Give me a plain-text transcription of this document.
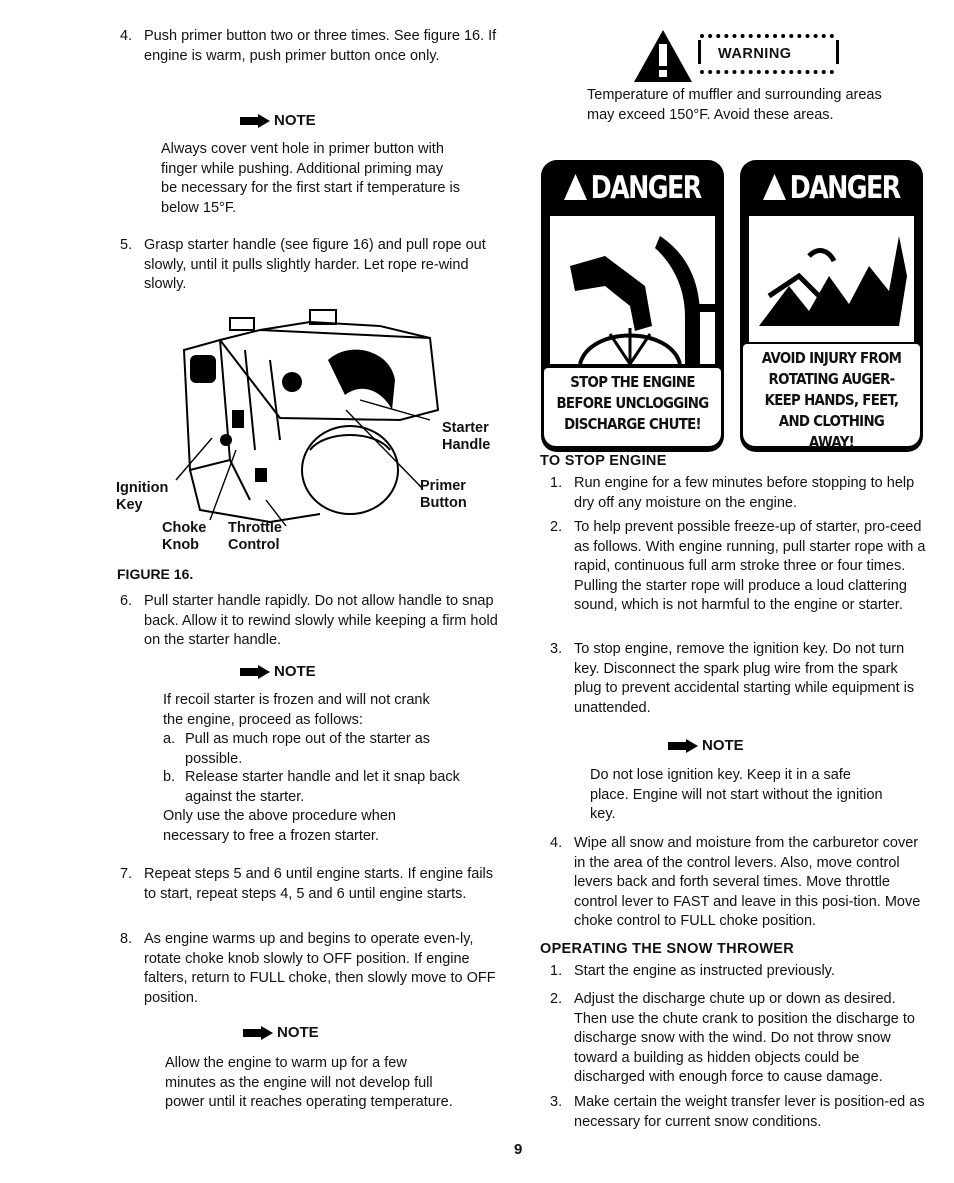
4. Push primer button two or three times. See figure 16. If engine is warm, push primer button once only.
NOTE
Always cover vent hole in primer button with finger while pushing. Additional priming may be necessary for the first start if temperature is below 15°F.
5. Grasp starter handle (see figure 16) and pull rope out slowly, until it pulls slightly harder. Let rope re-wind slowly.
Starter
Handle
Ignition
Key
Primer
Button
Choke
Knob
Throttle
Control
FIGURE 16.
6. Pull starter handle rapidly. Do not allow handle to snap back. Allow it to rewind slowly while keeping a firm hold on the starter handle.
NOTE
If recoil starter is frozen and will not crank the engine, proceed as follows:
a. Pull as much rope out of the starter as possible.
b. Release starter handle and let it snap back against the starter.
Only use the above procedure when necessary to free a frozen starter.
7. Repeat steps 5 and 6 until engine starts. If engine fails to start, repeat steps 4, 5 and 6 until engine starts.
8. As engine warms up and begins to operate even-ly, rotate choke knob slowly to OFF position. If engine falters, return to FULL choke, then slowly move to OFF position.
NOTE
Allow the engine to warm up for a few minutes as the engine will not develop full power until it reaches operating temperature.
WARNING
Temperature of muffler and surrounding areas may exceed 150°F. Avoid these areas.
DANGER
STOP THE ENGINE
BEFORE UNCLOGGING
DISCHARGE CHUTE!
DANGER
AVOID INJURY FROM
ROTATING AUGER-
KEEP HANDS, FEET,
AND CLOTHING AWAY!
TO STOP ENGINE
1. Run engine for a few minutes before stopping to help dry off any moisture on the engine.
2. To help prevent possible freeze-up of starter, pro-ceed as follows. With engine running, pull starter rope with a rapid, continuous full arm stroke three or four times. Pulling the starter rope will produce a loud clattering sound, which is not harmful to the engine or starter.
3. To stop engine, remove the ignition key. Do not turn key. Disconnect the spark plug wire from the spark plug to prevent accidental starting while equipment is unattended.
NOTE
Do not lose ignition key. Keep it in a safe place. Engine will not start without the ignition key.
4. Wipe all snow and moisture from the carburetor cover in the area of the control levers. Also, move control levers back and forth several times. Move throttle control lever to FAST and leave in this posi-tion. Move choke control to FULL choke position.
OPERATING THE SNOW THROWER
1. Start the engine as instructed previously.
2. Adjust the discharge chute up or down as desired. Then use the chute crank to position the discharge to discharge snow with the wind. Do not throw snow toward a building as hidden objects could be discharged with enough force to cause damage.
3. Make certain the weight transfer lever is position-ed as necessary for current snow conditions.
9
